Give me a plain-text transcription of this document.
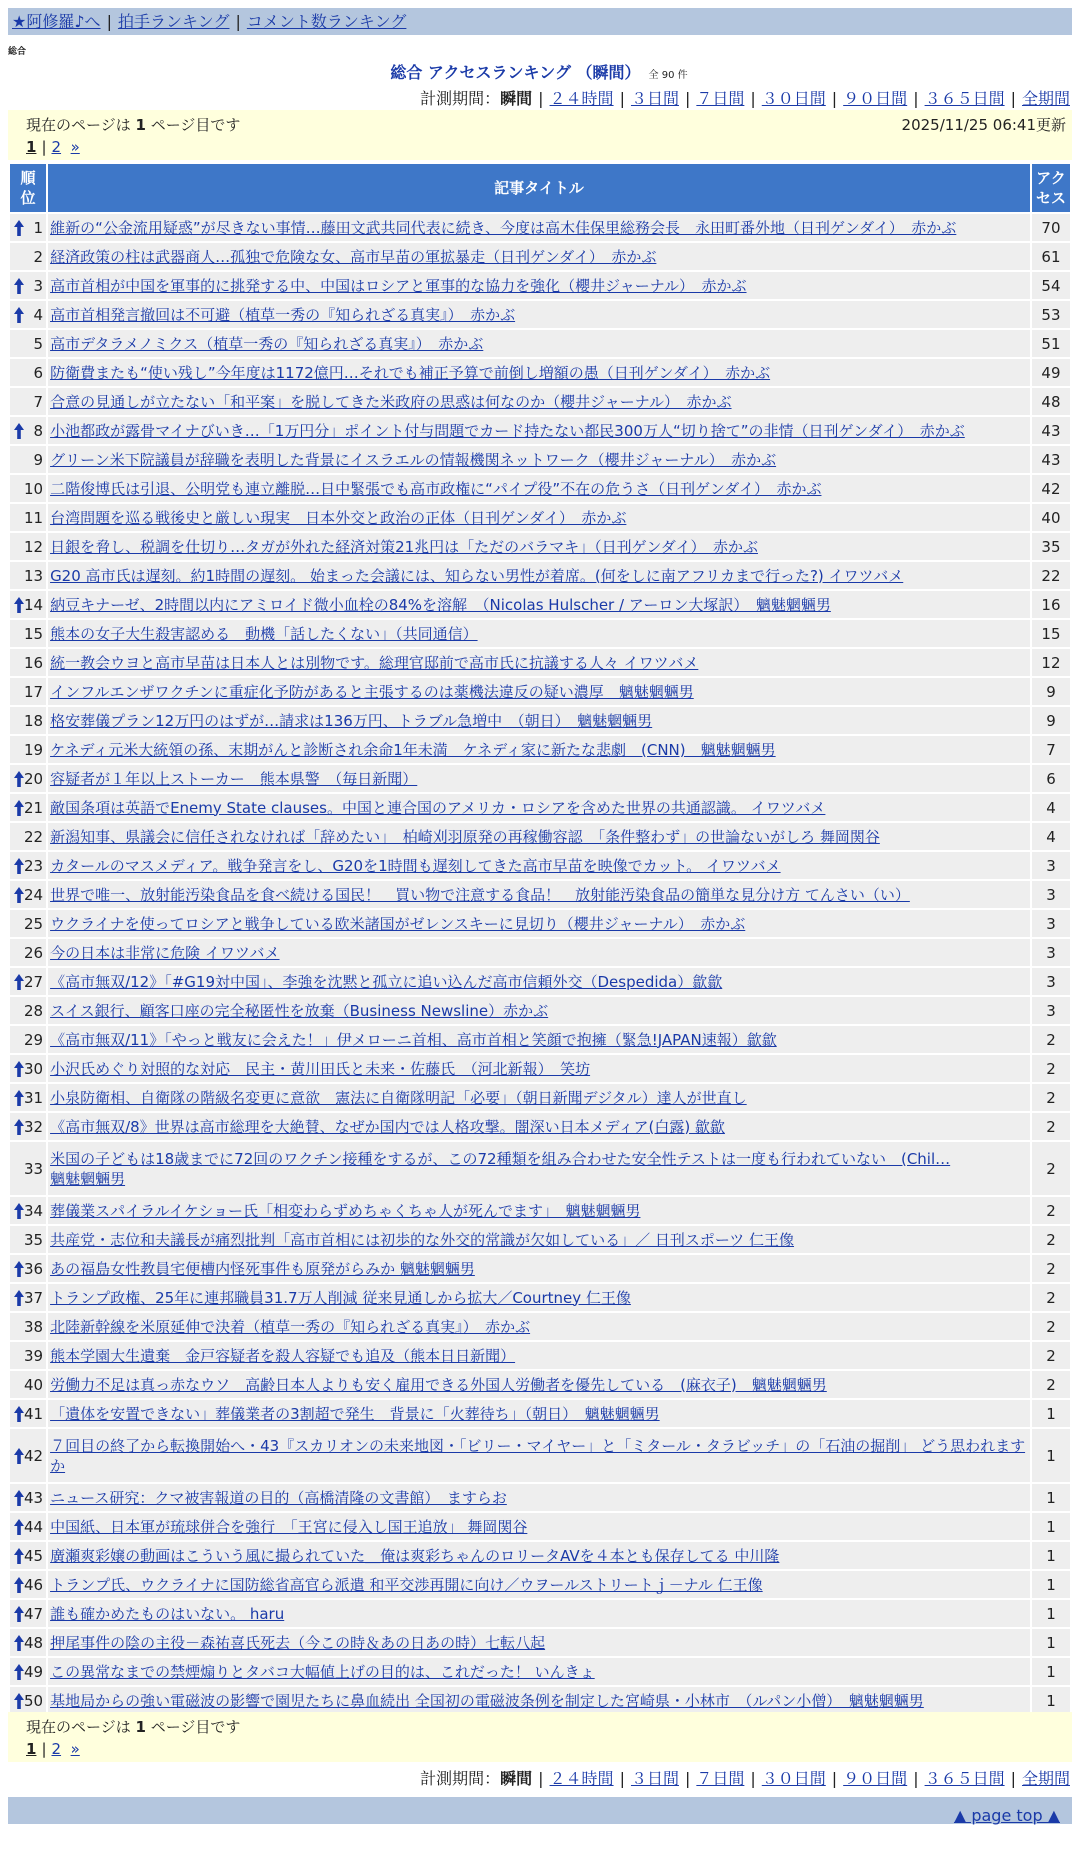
★阿修羅♪へ | 拍手ランキング | コメント数ランキング
総合
総合 アクセスランキング （瞬間） 全 90 件
計測期間：瞬間 | ２４時間 | ３日間 | ７日間 | ３０日間 | ９０日間 | ３６５日間 | 全期間
現在のページは 1 ページ目です	2025/11/25 06:41更新
1 | 2 »
順位	記事タイトル	アクセス

1	維新の“公金流用疑惑”が尽きない事情…藤田文武共同代表に続き、今度は高木佳保里総務会長　永田町番外地（日刊ゲンダイ）　赤かぶ	70
2	経済政策の柱は武器商人…孤独で危険な女、高市早苗の軍拡暴走（日刊ゲンダイ）　赤かぶ	61

3	高市首相が中国を軍事的に挑発する中、中国はロシアと軍事的な協力を強化（櫻井ジャーナル）　赤かぶ	54

4	高市首相発言撤回は不可避（植草一秀の『知られざる真実』）　赤かぶ	53
5	高市デタラメノミクス（植草一秀の『知られざる真実』）　赤かぶ	51
6	防衛費またも“使い残し”今年度は1172億円…それでも補正予算で前倒し増額の愚（日刊ゲンダイ）　赤かぶ	49
7	合意の見通しが立たない「和平案」を脱してきた米政府の思惑は何なのか（櫻井ジャーナル）　赤かぶ	48

8	小池都政が露骨マイナびいき…「1万円分」ポイント付与問題でカード持たない都民300万人“切り捨て”の非情（日刊ゲンダイ）　赤かぶ	43
9	グリーン米下院議員が辞職を表明した背景にイスラエルの情報機関ネットワーク（櫻井ジャーナル）　赤かぶ	43
10	二階俊博氏は引退、公明党も連立離脱…日中緊張でも高市政権に“パイプ役”不在の危うさ（日刊ゲンダイ）　赤かぶ	42
11	台湾問題を巡る戦後史と厳しい現実　日本外交と政治の正体（日刊ゲンダイ）　赤かぶ	40
12	日銀を脅し、税調を仕切り…タガが外れた経済対策21兆円は「ただのバラマキ」（日刊ゲンダイ）　赤かぶ	35
13	G20 高市氏は遅刻。約1時間の遅刻。 始まった会議には、知らない男性が着席。(何をしに南アフリカまで行った?) イワツバメ	22

14	納豆キナーゼ、2時間以内にアミロイド微小血栓の84%を溶解　（Nicolas Hulscher / アーロン大塚訳）　魑魅魍魎男	16
15	熊本の女子大生殺害認める　動機「話したくない」（共同通信）	15
16	統一教会ウヨと高市早苗は日本人とは別物です。総理官邸前で高市氏に抗議する人々 イワツバメ	12
17	インフルエンザワクチンに重症化予防があると主張するのは薬機法違反の疑い濃厚　魑魅魍魎男	9
18	格安葬儀プラン12万円のはずが…請求は136万円、トラブル急増中　（朝日）　魑魅魍魎男	9
19	ケネディ元米大統領の孫、末期がんと診断され余命1年未満　ケネディ家に新たな悲劇　(CNN)　魑魅魍魎男	7

20	容疑者が１年以上ストーカー　熊本県警　（毎日新聞）	6

21	敵国条項は英語でEnemy State clauses。中国と連合国のアメリカ・ロシアを含めた世界の共通認識。 イワツバメ	4
22	新潟知事、県議会に信任されなければ「辞めたい」　柏崎刈羽原発の再稼働容認　「条件整わず」の世論ないがしろ 舞岡関谷	4

23	カタールのマスメディア。戦争発言をし、G20を1時間も遅刻してきた高市早苗を映像でカット。 イワツバメ	3

24	世界で唯一、放射能汚染食品を食べ続ける国民！　買い物で注意する食品！　放射能汚染食品の簡単な見分け方 てんさい（い）	3
25	ウクライナを使ってロシアと戦争している欧米諸国がゼレンスキーに見切り（櫻井ジャーナル）　赤かぶ	3
26	今の日本は非常に危険 イワツバメ	3

27	《高市無双/12》「#G19対中国」、李強を沈黙と孤立に追い込んだ高市信頼外交（Despedida）歙歙	3
28	スイス銀行、顧客口座の完全秘匿性を放棄（Business Newsline）赤かぶ	3
29	《高市無双/11》「やっと戦友に会えた！」伊メローニ首相、高市首相と笑顔で抱擁（緊急!JAPAN速報）歙歙	2

30	小沢氏めぐり対照的な対応　民主・黄川田氏と未来・佐藤氏　（河北新報）　笑坊	2

31	小泉防衛相、自衛隊の階級名変更に意欲　憲法に自衛隊明記「必要」（朝日新聞デジタル）達人が世直し	2

32	《高市無双/8》世界は高市総理を大絶賛、なぜか国内では人格攻撃。闇深い日本メディア(白露) 歙歙	2
33	米国の子どもは18歳までに72回のワクチン接種をするが、この72種類を組み合わせた安全性テストは一度も行われていない　(Chil…
魑魅魍魎男	2

34	葬儀業スパイラルイケショー氏「相変わらずめちゃくちゃ人が死んでます」　魑魅魍魎男	2
35	共産党・志位和夫議長が痛烈批判「高市首相には初歩的な外交的常識が欠如している」／ 日刊スポーツ 仁王像	2

36	あの福島女性教員宅便槽内怪死事件も原発がらみか 魑魅魍魎男	2

37	トランプ政権、25年に連邦職員31.7万人削減 従来見通しから拡大／Courtney 仁王像	2
38	北陸新幹線を米原延伸で決着（植草一秀の『知られざる真実』）　赤かぶ	2
39	熊本学園大生遺棄　金戸容疑者を殺人容疑でも追及（熊本日日新聞）	2
40	労働力不足は真っ赤なウソ　高齢日本人よりも安く雇用できる外国人労働者を優先している　(麻衣子)　魑魅魍魎男	2

41	「遺体を安置できない」葬儀業者の3割超で発生　背景に「火葬待ち」（朝日）　魑魅魍魎男	1

42	７回目の終了から転換開始へ・43『スカリオンの未来地図・「ビリー・マイヤー」と「ミタール・タラビッチ」の「石油の掘削」 どう思われますか	1

43	ニュース研究：クマ被害報道の目的（高橋清隆の文書館）　ますらお	1

44	中国紙、日本軍が琉球併合を強行　「王宮に侵入し国王追放」 舞岡関谷	1

45	廣瀬爽彩嬢の動画はこういう風に撮られていた＿俺は爽彩ちゃんのロリータAVを４本とも保存してる 中川隆	1

46	トランプ氏、ウクライナに国防総省高官ら派遣 和平交渉再開に向け／ウヲールストリートｊ－ナル 仁王像	1

47	誰も確かめたものはいない。 haru	1

48	押尾事件の陰の主役－森祐喜氏死去（今この時＆あの日あの時）七転八起	1

49	この異常なまでの禁煙煽りとタバコ大幅値上げの目的は、これだった！ いんきょ	1

50	基地局からの強い電磁波の影響で園児たちに鼻血続出 全国初の電磁波条例を制定した宮崎県・小林市　（ルパン小僧）　魑魅魍魎男	1
現在のページは 1 ページ目です
1 | 2 »
計測期間：瞬間 | ２４時間 | ３日間 | ７日間 | ３０日間 | ９０日間 | ３６５日間 | 全期間
▲ page top ▲
